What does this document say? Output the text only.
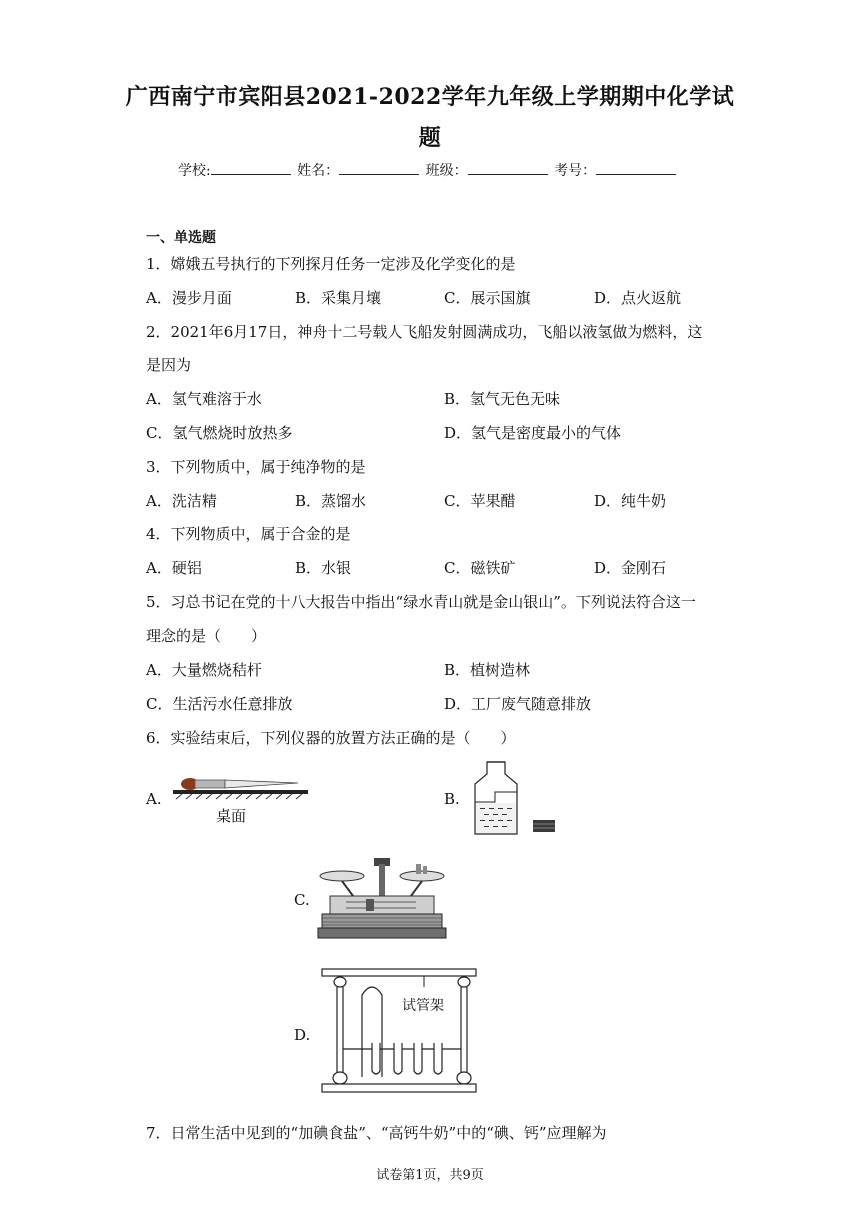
广西南宁市宾阳县2021-2022学年九年级上学期期中化学试
题
学校:	姓名：	班级：	考号：
一、单选题
1．嫦娥五号执行的下列探月任务一定涉及化学变化的是
A．漫步月面	B．采集月壤	C．展示国旗	D．点火返航
2．2021年6月17日，神舟十二号载人飞船发射圆满成功，飞船以液氢做为燃料，这
是因为
A．氢气难溶于水	B．氢气无色无味
C．氢气燃烧时放热多	D．氢气是密度最小的气体
3．下列物质中，属于纯净物的是
A．洗洁精	B．蒸馏水	C．苹果醋	D．纯牛奶
4．下列物质中，属于合金的是
A．硬铝	B．水银	C．磁铁矿	D．金刚石
5．习总书记在党的十八大报告中指出“绿水青山就是金山银山”。下列说法符合这一
理念的是（　　）
A．大量燃烧秸杆	B．植树造林
C．生活污水任意排放	D．工厂废气随意排放
6．实验结束后，下列仪器的放置方法正确的是（　　）
A.
桌面
B.
C.
D.
试管架
7．日常生活中见到的“加碘食盐”、“高钙牛奶”中的“碘、钙”应理解为
试卷第1页，共9页
